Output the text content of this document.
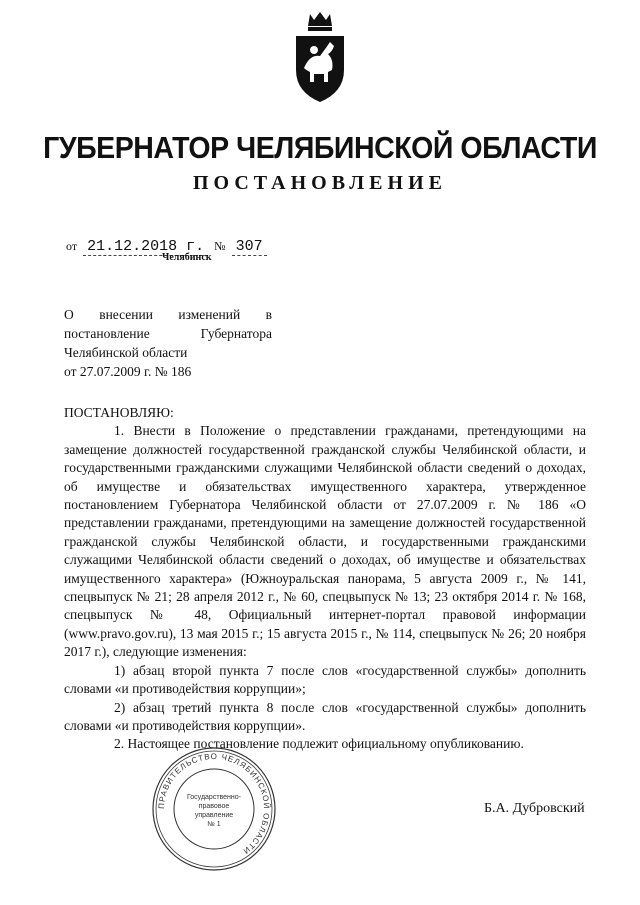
ГУБЕРНАТОР ЧЕЛЯБИНСКОЙ ОБЛАСТИ
ПОСТАНОВЛЕНИЕ
от 21.12.2018 г. № 307
Челябинск

О внесении изменений в постановление Губернатора Челябинской области

от 27.07.2009 г. № 186

ПОСТАНОВЛЯЮ:

1. Внести в Положение о представлении гражданами, претендующими на замещение должностей государственной гражданской службы Челябинской области, и государственными гражданскими служащими Челябинской области сведений о доходах, об имуществе и обязательствах имущественного характера, утвержденное постановлением Губернатора Челябинской области от 27.07.2009 г. № 186 «О представлении гражданами, претендующими на замещение должностей государственной гражданской службы Челябинской области, и государственными гражданскими служащими Челябинской области сведений о доходах, об имуществе и обязательствах имущественного характера» (Южноуральская панорама, 5 августа 2009 г., № 141, спецвыпуск № 21; 28 апреля 2012 г., № 60, спецвыпуск № 13; 23 октября 2014 г. № 168, спецвыпуск № 48, Официальный интернет-портал правовой информации (www.pravo.gov.ru), 13 мая 2015 г.; 15 августа 2015 г., № 114, спецвыпуск № 26; 20 ноября 2017 г.), следующие изменения:

1) абзац второй пункта 7 после слов «государственной службы» дополнить словами «и противодействия коррупции»;

2) абзац третий пункта 8 после слов «государственной службы» дополнить словами «и противодействия коррупции».

2. Настоящее постановление подлежит официальному опубликованию.

ПРАВИТЕЛЬСТВО ЧЕЛЯБИНСКОЙ ОБЛАСТИ
Государственно-
правовое
управление
№ 1
Б.А. Дубровский
